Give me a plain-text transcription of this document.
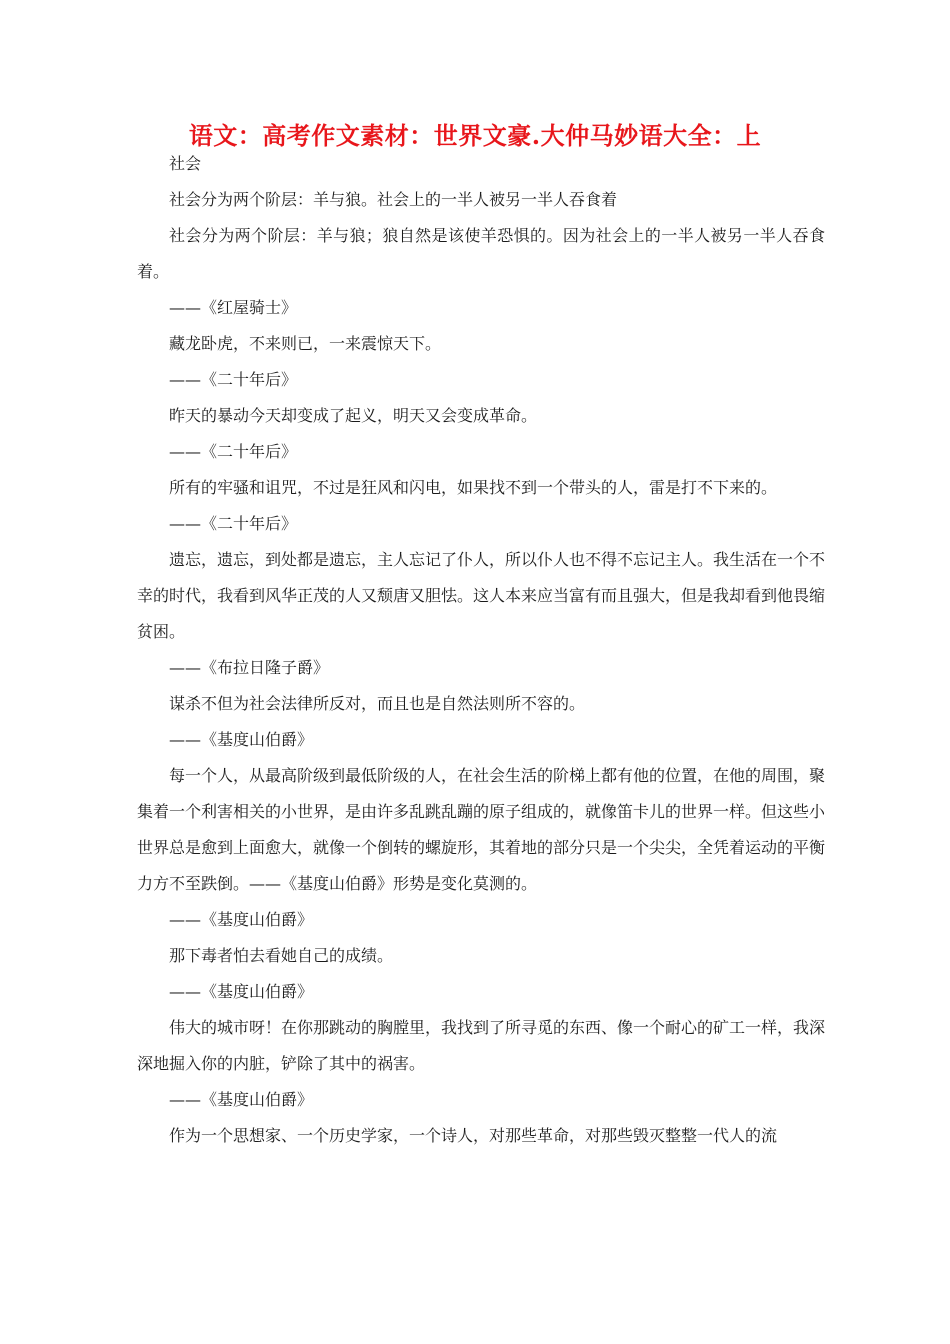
语文：高考作文素材：世界文豪.大仲马妙语大全：上

社会

社会分为两个阶层：羊与狼。社会上的一半人被另一半人吞食着

社会分为两个阶层：羊与狼；狼自然是该使羊恐惧的。因为社会上的一半人被另一半人吞食着。

——《红屋骑士》

藏龙卧虎，不来则已，一来震惊天下。

——《二十年后》

昨天的暴动今天却变成了起义，明天又会变成革命。

——《二十年后》

所有的牢骚和诅咒，不过是狂风和闪电，如果找不到一个带头的人，雷是打不下来的。

——《二十年后》

遗忘，遗忘，到处都是遗忘，主人忘记了仆人，所以仆人也不得不忘记主人。我生活在一个不幸的时代，我看到风华正茂的人又颓唐又胆怯。这人本来应当富有而且强大，但是我却看到他畏缩贫困。

——《布拉日隆子爵》

谋杀不但为社会法律所反对，而且也是自然法则所不容的。

——《基度山伯爵》

每一个人，从最高阶级到最低阶级的人，在社会生活的阶梯上都有他的位置，在他的周围，聚集着一个利害相关的小世界，是由许多乱跳乱蹦的原子组成的，就像笛卡儿的世界一样。但这些小世界总是愈到上面愈大，就像一个倒转的螺旋形，其着地的部分只是一个尖尖，全凭着运动的平衡力方不至跌倒。——《基度山伯爵》形势是变化莫测的。

——《基度山伯爵》

那下毒者怕去看她自己的成绩。

——《基度山伯爵》

伟大的城市呀！在你那跳动的胸膛里，我找到了所寻觅的东西、像一个耐心的矿工一样，我深深地掘入你的内脏，铲除了其中的祸害。

——《基度山伯爵》

作为一个思想家、一个历史学家，一个诗人，对那些革命，对那些毁灭整整一代人的流
